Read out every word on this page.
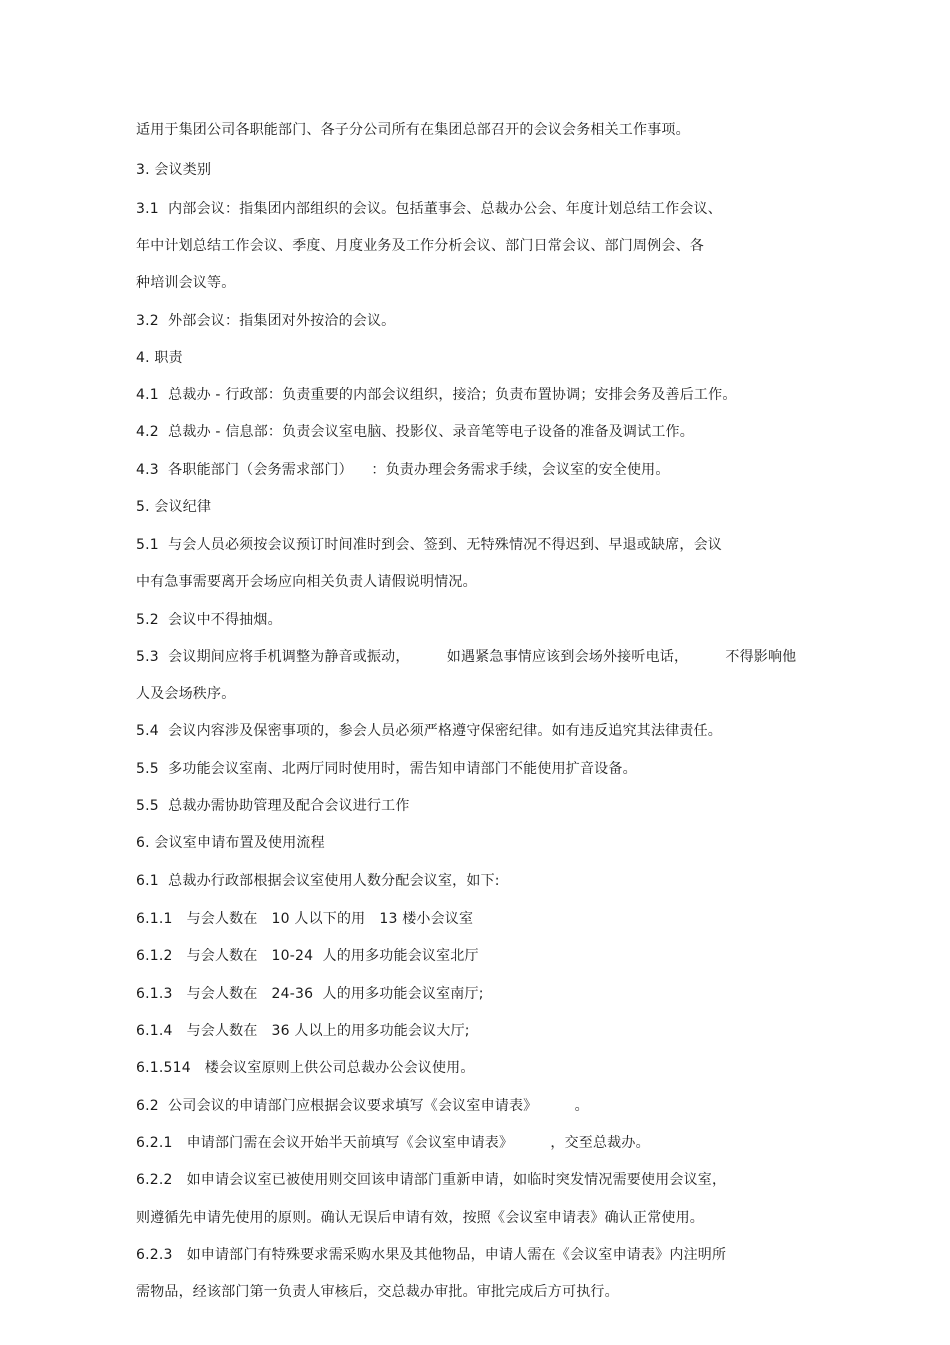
适用于集团公司各职能部门、各子分公司所有在集团总部召开的会议会务相关工作事项。
3. 会议类别
3.1  内部会议：指集团内部组织的会议。包括董事会、总裁办公会、年度计划总结工作会议、
年中计划总结工作会议、季度、月度业务及工作分析会议、部门日常会议、部门周例会、各
种培训会议等。
3.2  外部会议：指集团对外按洽的会议。
4. 职责
4.1  总裁办 - 行政部：负责重要的内部会议组织，接洽；负责布置协调；安排会务及善后工作。
4.2  总裁办 - 信息部：负责会议室电脑、投影仪、录音笔等电子设备的准备及调试工作。
4.3  各职能部门（会务需求部门）    ：负责办理会务需求手续，会议室的安全使用。
5. 会议纪律
5.1  与会人员必须按会议预订时间准时到会、签到、无特殊情况不得迟到、早退或缺席，会议
中有急事需要离开会场应向相关负责人请假说明情况。
5.2  会议中不得抽烟。
5.3  会议期间应将手机调整为静音或振动，        如遇紧急事情应该到会场外接听电话，        不得影响他
人及会场秩序。
5.4  会议内容涉及保密事项的，参会人员必须严格遵守保密纪律。如有违反追究其法律责任。
5.5  多功能会议室南、北两厅同时使用时，需告知申请部门不能使用扩音设备。
5.5  总裁办需协助管理及配合会议进行工作
6. 会议室申请布置及使用流程
6.1  总裁办行政部根据会议室使用人数分配会议室，如下:
6.1.1   与会人数在   10 人以下的用   13 楼小会议室
6.1.2   与会人数在   10-24  人的用多功能会议室北厅
6.1.3   与会人数在   24-36  人的用多功能会议室南厅;
6.1.4   与会人数在   36 人以上的用多功能会议大厅;
6.1.514   楼会议室原则上供公司总裁办公会议使用。
6.2  公司会议的申请部门应根据会议要求填写《会议室申请表》        。
6.2.1   申请部门需在会议开始半天前填写《会议室申请表》        ，交至总裁办。
6.2.2   如申请会议室已被使用则交回该申请部门重新申请，如临时突发情况需要使用会议室，
则遵循先申请先使用的原则。确认无误后申请有效，按照《会议室申请表》确认正常使用。
6.2.3   如申请部门有特殊要求需采购水果及其他物品，申请人需在《会议室申请表》内注明所
需物品，经该部门第一负责人审核后，交总裁办审批。审批完成后方可执行。
